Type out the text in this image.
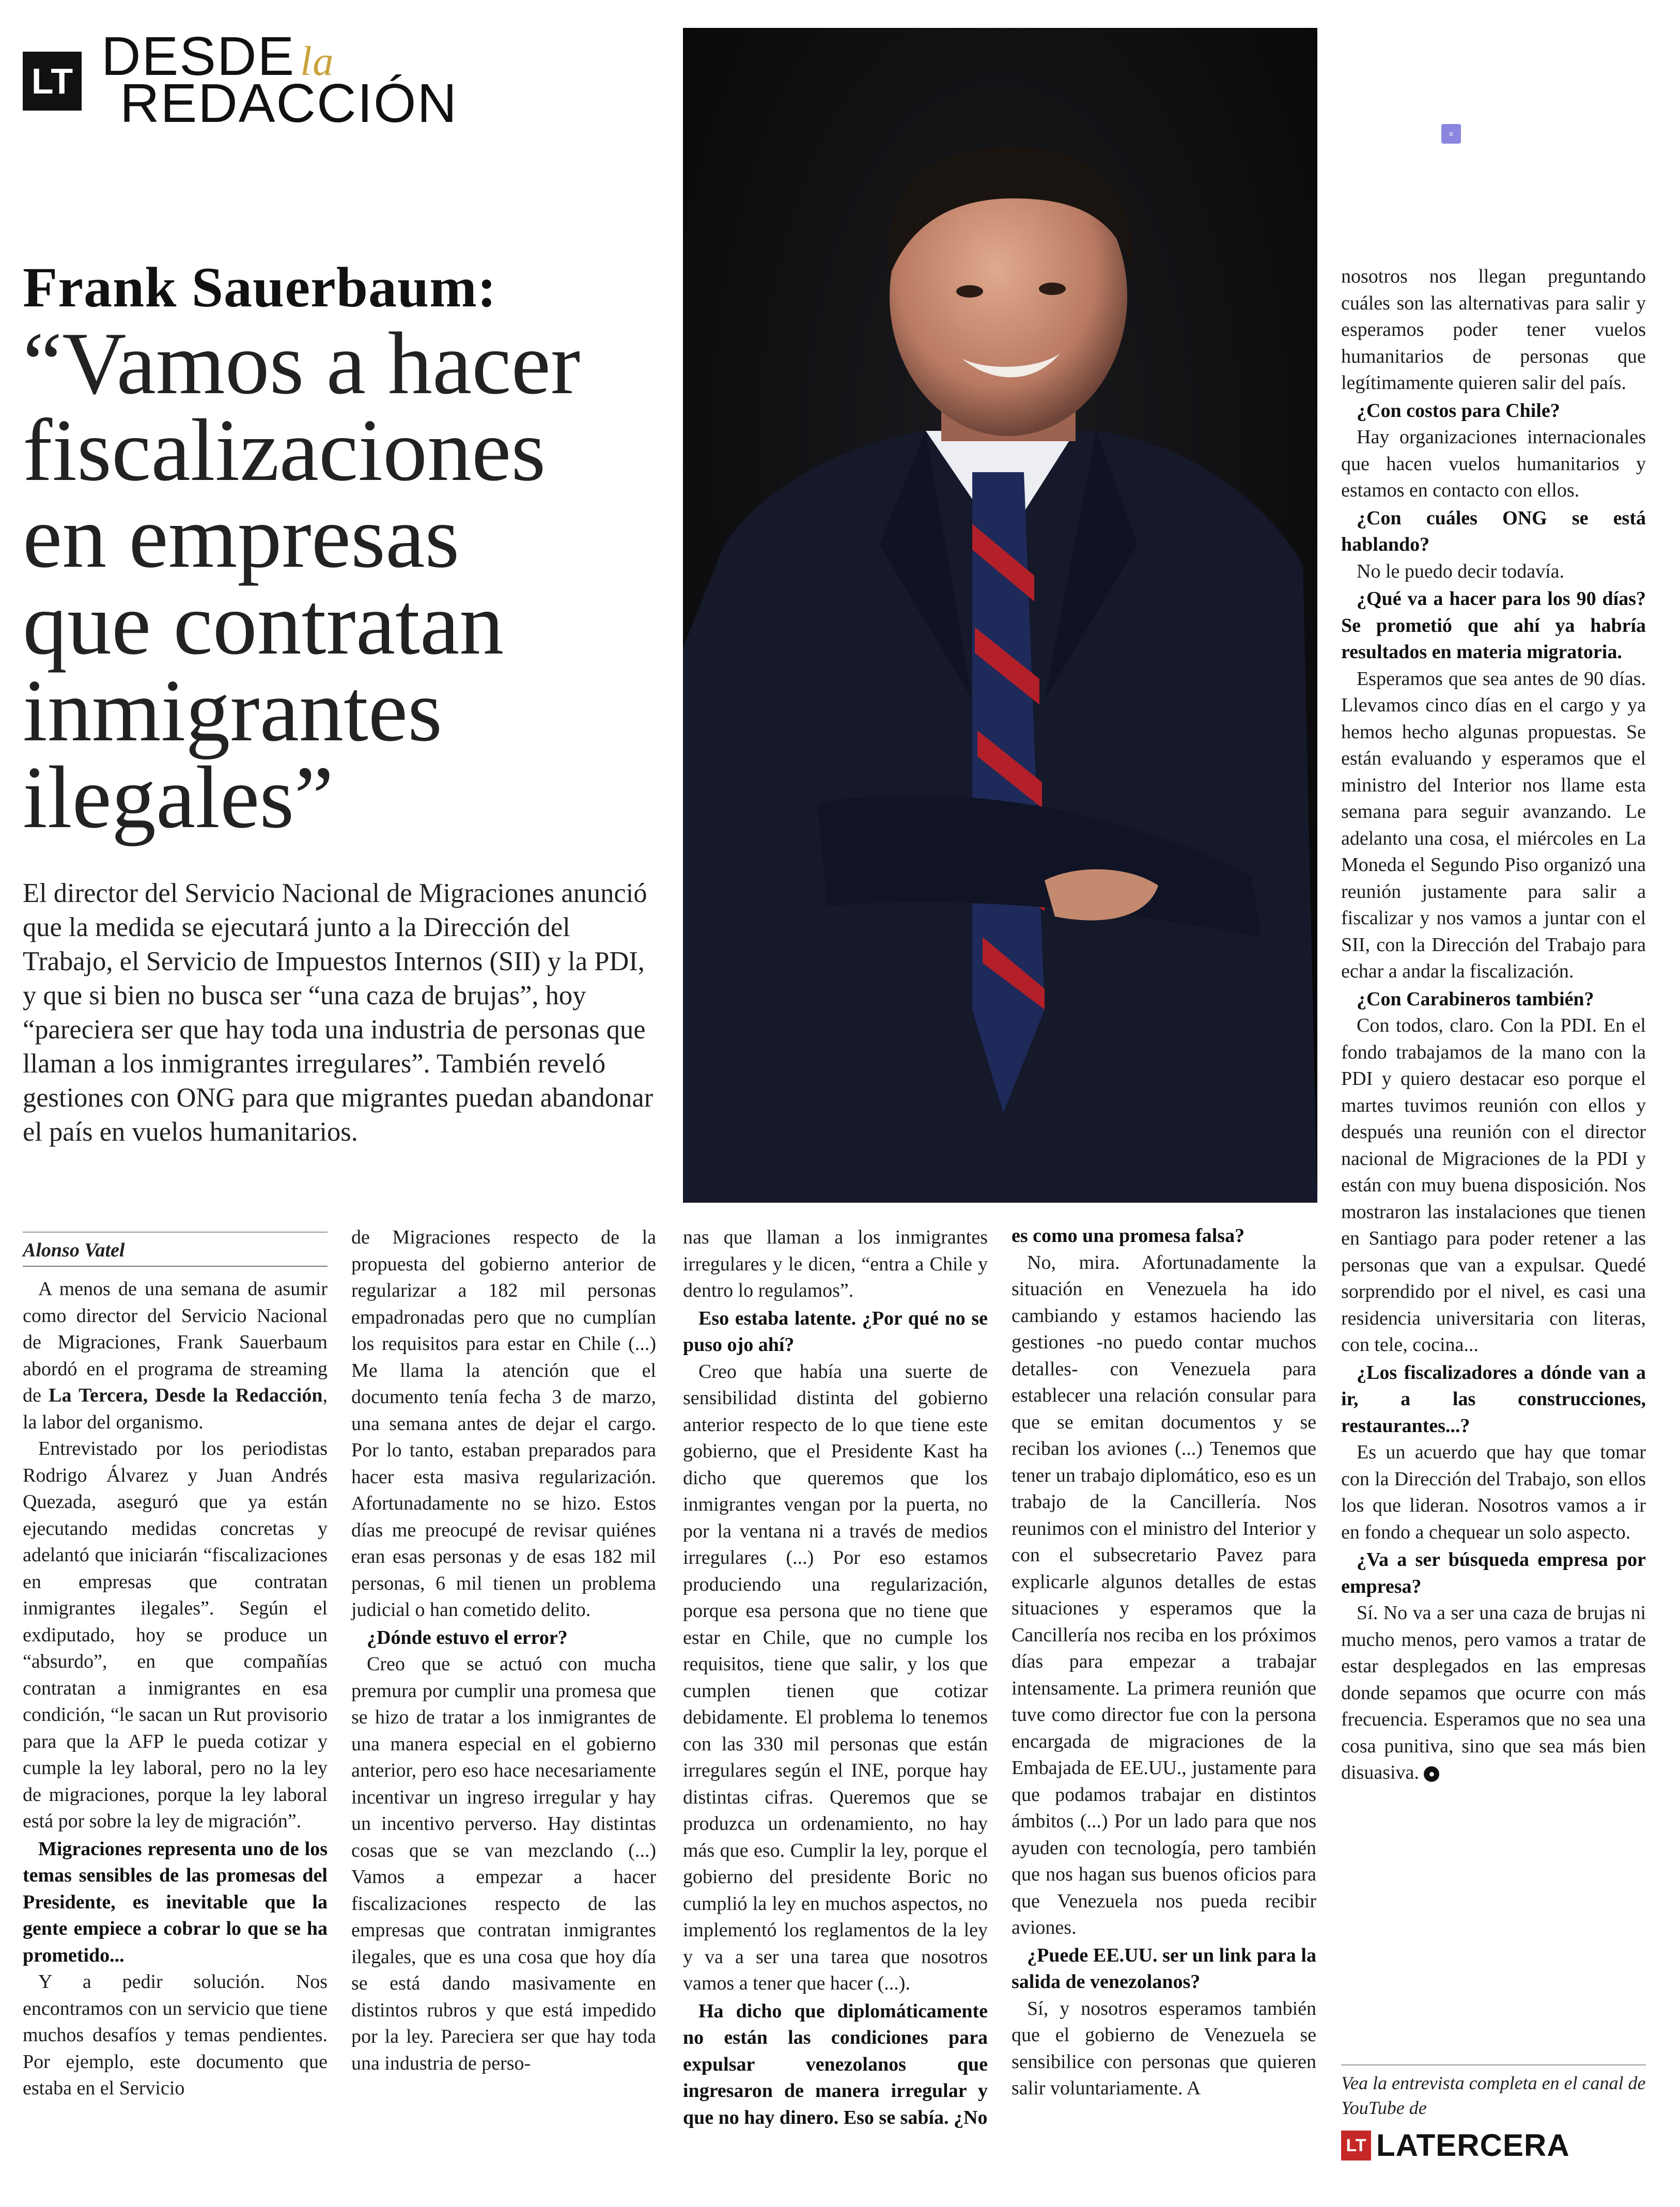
LT DESDE la
REDACCIÓN
Frank Sauerbaum:
“Vamos a hacer
fiscalizaciones
en empresas
que contratan
inmigrantes
ilegales”
El director del Servicio Nacional de Migraciones anunció que la medida se ejecutará junto a la Dirección del Trabajo, el Servicio de Impuestos Internos (SII) y la PDI, y que si bien no busca ser “una caza de brujas”, hoy “pareciera ser que hay toda una industria de personas que llaman a los inmigrantes irregulares”. También reveló gestiones con ONG para que migrantes puedan abandonar el país en vuelos humanitarios.
≡
Alonso Vatel

A menos de una semana de asumir como director del Servicio Nacional de Migraciones, Frank Sauerbaum abordó en el programa de streaming de La Tercera, Desde la Redacción, la labor del organismo.

Entrevistado por los periodistas Rodrigo Álvarez y Juan Andrés Quezada, aseguró que ya están ejecutando medidas concretas y adelantó que iniciarán “fiscalizaciones en empresas que contratan inmigrantes ilegales”. Según el exdiputado, hoy se produce un “absurdo”, en que compañías contratan a inmigrantes en esa condición, “le sacan un Rut provisorio para que la AFP le pueda cotizar y cumple la ley laboral, pero no la ley de migraciones, porque la ley laboral está por sobre la ley de migración”.

Migraciones representa uno de los temas sensibles de las promesas del Presidente, es inevitable que la gente empiece a cobrar lo que se ha prometido...

Y a pedir solución. Nos encontramos con un servicio que tiene muchos desafíos y temas pendientes. Por ejemplo, este documento que estaba en el Servicio

de Migraciones respecto de la propuesta del gobierno anterior de regularizar a 182 mil personas empadronadas pero que no cumplían los requisitos para estar en Chile (...) Me llama la atención que el documento tenía fecha 3 de marzo, una semana antes de dejar el cargo. Por lo tanto, estaban preparados para hacer esta masiva regularización. Afortunadamente no se hizo. Estos días me preocupé de revisar quiénes eran esas personas y de esas 182 mil personas, 6 mil tienen un problema judicial o han cometido delito.

¿Dónde estuvo el error?

Creo que se actuó con mucha premura por cumplir una promesa que se hizo de tratar a los inmigrantes de una manera especial en el gobierno anterior, pero eso hace necesariamente incentivar un ingreso irregular y hay un incentivo perverso. Hay distintas cosas que se van mezclando (...) Vamos a empezar a hacer fiscalizaciones respecto de las empresas que contratan inmigrantes ilegales, que es una cosa que hoy día se está dando masivamente en distintos rubros y que está impedido por la ley. Pareciera ser que hay toda una industria de perso-

nas que llaman a los inmigrantes irregulares y le dicen, “entra a Chile y dentro lo regulamos”.

Eso estaba latente. ¿Por qué no se puso ojo ahí?

Creo que había una suerte de sensibilidad distinta del gobierno anterior respecto de lo que tiene este gobierno, que el Presidente Kast ha dicho que queremos que los inmigrantes vengan por la puerta, no por la ventana ni a través de medios irregulares (...) Por eso estamos produciendo una regularización, porque esa persona que no tiene que estar en Chile, que no cumple los requisitos, tiene que salir, y los que cumplen tienen que cotizar debidamente. El problema lo tenemos con las 330 mil personas que están irregulares según el INE, porque hay distintas cifras. Queremos que se produzca un ordenamiento, no hay más que eso. Cumplir la ley, porque el gobierno del presidente Boric no cumplió la ley en muchos aspectos, no implementó los reglamentos de la ley y va a ser una tarea que nosotros vamos a tener que hacer (...).

Ha dicho que diplomáticamente no están las condiciones para expulsar venezolanos que ingresaron de manera irregular y que no hay dinero. Eso se sabía. ¿No

es como una promesa falsa?

No, mira. Afortunadamente la situación en Venezuela ha ido cambiando y estamos haciendo las gestiones -no puedo contar muchos detalles- con Venezuela para establecer una relación consular para que se emitan documentos y se reciban los aviones (...) Tenemos que tener un trabajo diplomático, eso es un trabajo de la Cancillería. Nos reunimos con el ministro del Interior y con el subsecretario Pavez para explicarle algunos detalles de estas situaciones y esperamos que la Cancillería nos reciba en los próximos días para empezar a trabajar intensamente. La primera reunión que tuve como director fue con la persona encargada de migraciones de la Embajada de EE.UU., justamente para que podamos trabajar en distintos ámbitos (...) Por un lado para que nos ayuden con tecnología, pero también que nos hagan sus buenos oficios para que Venezuela nos pueda recibir aviones.

¿Puede EE.UU. ser un link para la salida de venezolanos?

Sí, y nosotros esperamos también que el gobierno de Venezuela se sensibilice con personas que quieren salir voluntariamente. A

nosotros nos llegan preguntando cuáles son las alternativas para salir y esperamos poder tener vuelos humanitarios de personas que legítimamente quieren salir del país.

¿Con costos para Chile?

Hay organizaciones internacionales que hacen vuelos humanitarios y estamos en contacto con ellos.

¿Con cuáles ONG se está hablando?

No le puedo decir todavía.

¿Qué va a hacer para los 90 días? Se prometió que ahí ya habría resultados en materia migratoria.

Esperamos que sea antes de 90 días. Llevamos cinco días en el cargo y ya hemos hecho algunas propuestas. Se están evaluando y esperamos que el ministro del Interior nos llame esta semana para seguir avanzando. Le adelanto una cosa, el miércoles en La Moneda el Segundo Piso organizó una reunión justamente para salir a fiscalizar y nos vamos a juntar con el SII, con la Dirección del Trabajo para echar a andar la fiscalización.

¿Con Carabineros también?

Con todos, claro. Con la PDI. En el fondo trabajamos de la mano con la PDI y quiero destacar eso porque el martes tuvimos reunión con ellos y después una reunión con el director nacional de Migraciones de la PDI y están con muy buena disposición. Nos mostraron las instalaciones que tienen en Santiago para poder retener a las personas que van a expulsar. Quedé sorprendido por el nivel, es casi una residencia universitaria con literas, con tele, cocina...

¿Los fiscalizadores a dónde van a ir, a las construcciones, restaurantes...?

Es un acuerdo que hay que tomar con la Dirección del Trabajo, son ellos los que lideran. Nosotros vamos a ir en fondo a chequear un solo aspecto.

¿Va a ser búsqueda empresa por empresa?

Sí. No va a ser una caza de brujas ni mucho menos, pero vamos a tratar de estar desplegados en las empresas donde sepamos que ocurre con más frecuencia. Esperamos que no sea una cosa punitiva, sino que sea más bien disuasiva. ●

Vea la entrevista completa en el canal de YouTube de
LT LATERCERA
